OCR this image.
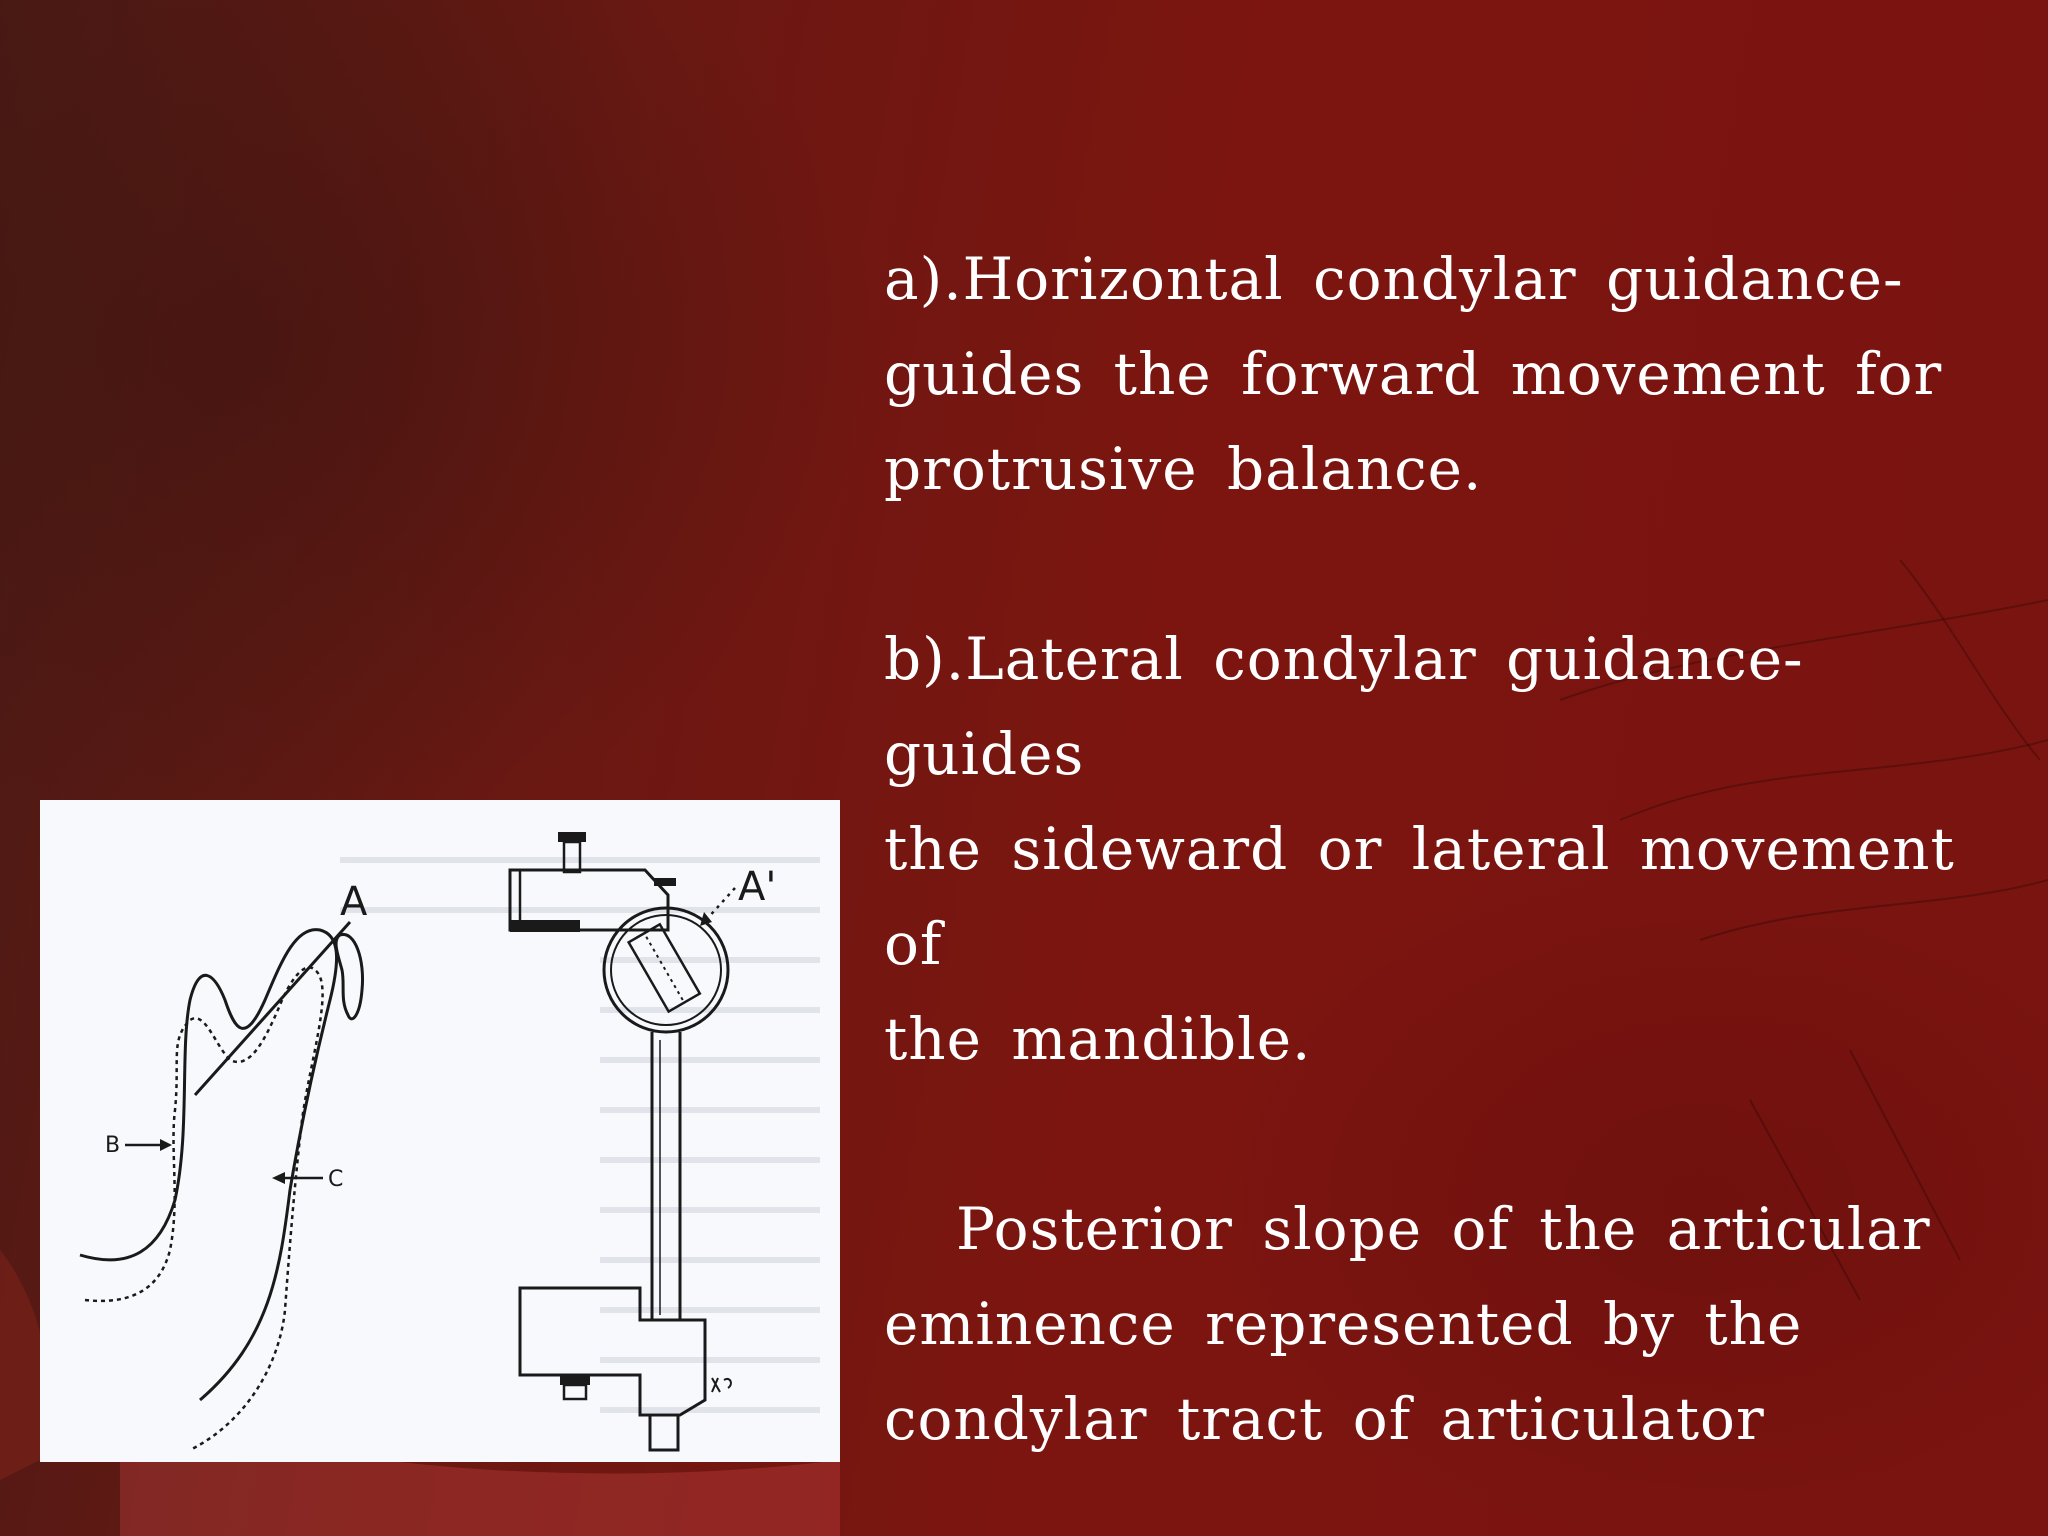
a).Horizontal condylar guidance-
guides the forward movement for
protrusive balance.

b).Lateral condylar guidance-guides
the sideward or lateral movement of
the mandible.

Posterior slope of the articular
eminence represented by the
condylar tract of articulator

A
B
C
A'
